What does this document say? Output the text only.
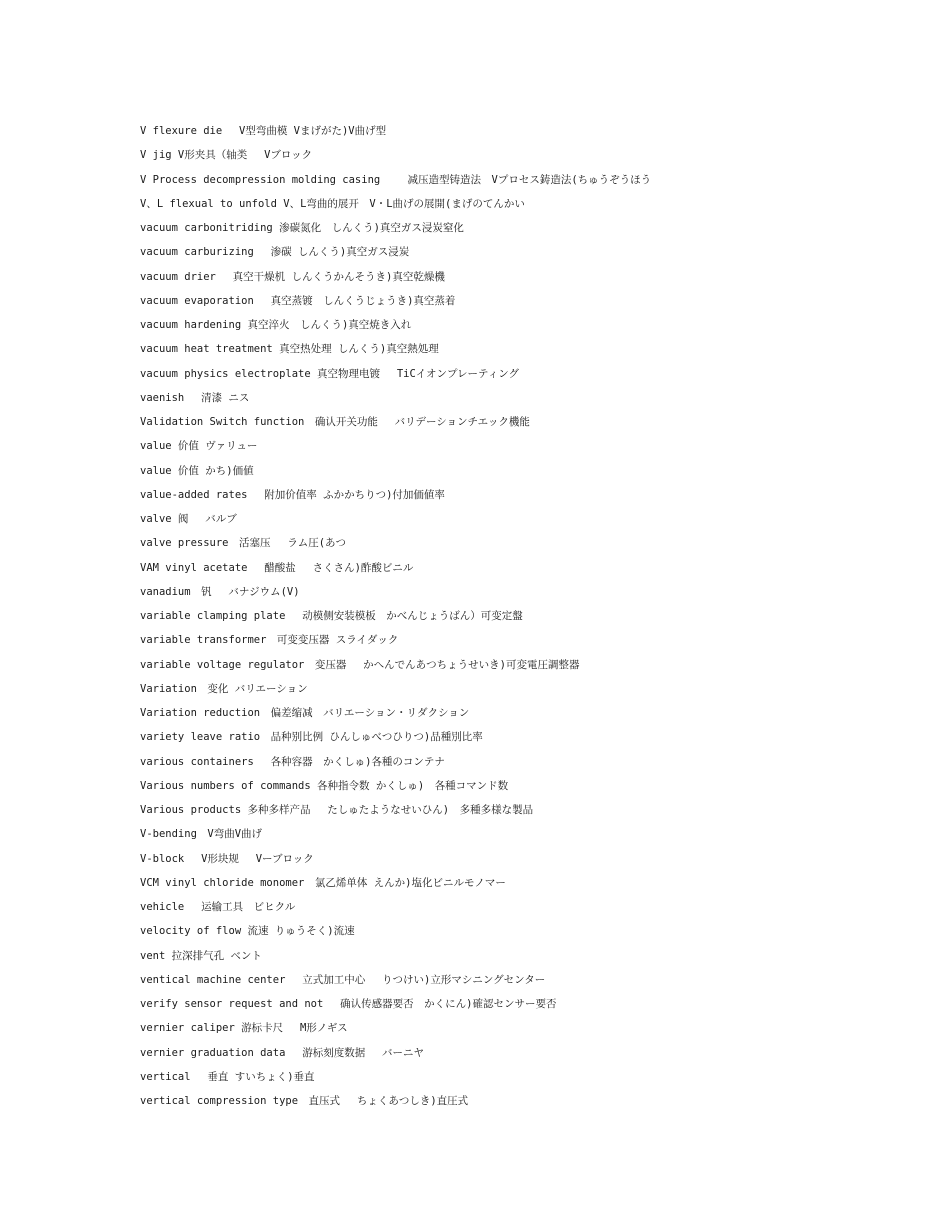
V flexure die　 V型弯曲模 Vまげがた)V曲げ型
V jig V形夹具（轴类　 Vブロック
V Process decompression molding casing　　 减压造型铸造法　Vプロセス鋳造法(ちゅうぞうほう
V、L flexual to unfold V、L弯曲的展开　V・L曲げの展開(まげのてんかい
vacuum carbonitriding 渗碳氮化　しんくう)真空ガス浸炭窒化
vacuum carburizing　 渗碳 しんくう)真空ガス浸炭
vacuum drier　 真空干燥机 しんくうかんそうき)真空乾燥機
vacuum evaporation　 真空蒸镀　しんくうじょうき)真空蒸着
vacuum hardening 真空淬火　しんくう)真空焼き入れ
vacuum heat treatment 真空热处理 しんくう)真空熱処理
vacuum physics electroplate 真空物理电镀　 TiCイオンプレーティング
vaenish　 清漆 ニス
Validation Switch function　确认开关功能　 バリデーションチエック機能
value 价值 ヴァリュー
value 价值 かち)価値
value-added rates　 附加价值率 ふかかちりつ)付加価値率
valve 阀　 バルブ
valve pressure　活塞压　 ラム圧(あつ
VAM vinyl acetate　 醋酸盐　 さくさん)酢酸ビニル
vanadium　钒　 バナジウム(V)
variable clamping plate　 动模侧安装模板　かべんじょうばん）可变定盤
variable transformer　可变变压器 スライダック
variable voltage regulator　变压器　 かへんでんあつちょうせいき)可変電圧調整器
Variation　变化 バリエーション
Variation reduction　偏差缩减　バリエーション・リダクション
variety leave ratio　品种别比例 ひんしゅべつひりつ)品種別比率
various containers　 各种容器　かくしゅ)各種のコンテナ
Various numbers of commands 各种指令数 かくしゅ)　各種コマンド数
Various products 多种多样产品　 たしゅたようなせいひん)　多種多様な製品
V-bending　V弯曲V曲げ
V-block　 V形块规　 Vーブロック
VCM vinyl chloride monomer　氯乙烯单体 えんか)塩化ビニルモノマー
vehicle　 运输工具　ビヒクル
velocity of flow 流速 りゅうそく)流速
vent 拉深排气孔 ベント
ventical machine center　 立式加工中心　 りつけい)立形マシニングセンター
verify sensor request and not　 确认传感器要否　かくにん)確認センサー要否
vernier caliper 游标卡尺　 M形ノギス
vernier graduation data　 游标刻度数据　 バーニヤ
vertical　 垂直 すいちょく)垂直
vertical compression type　直压式　 ちょくあつしき)直圧式
